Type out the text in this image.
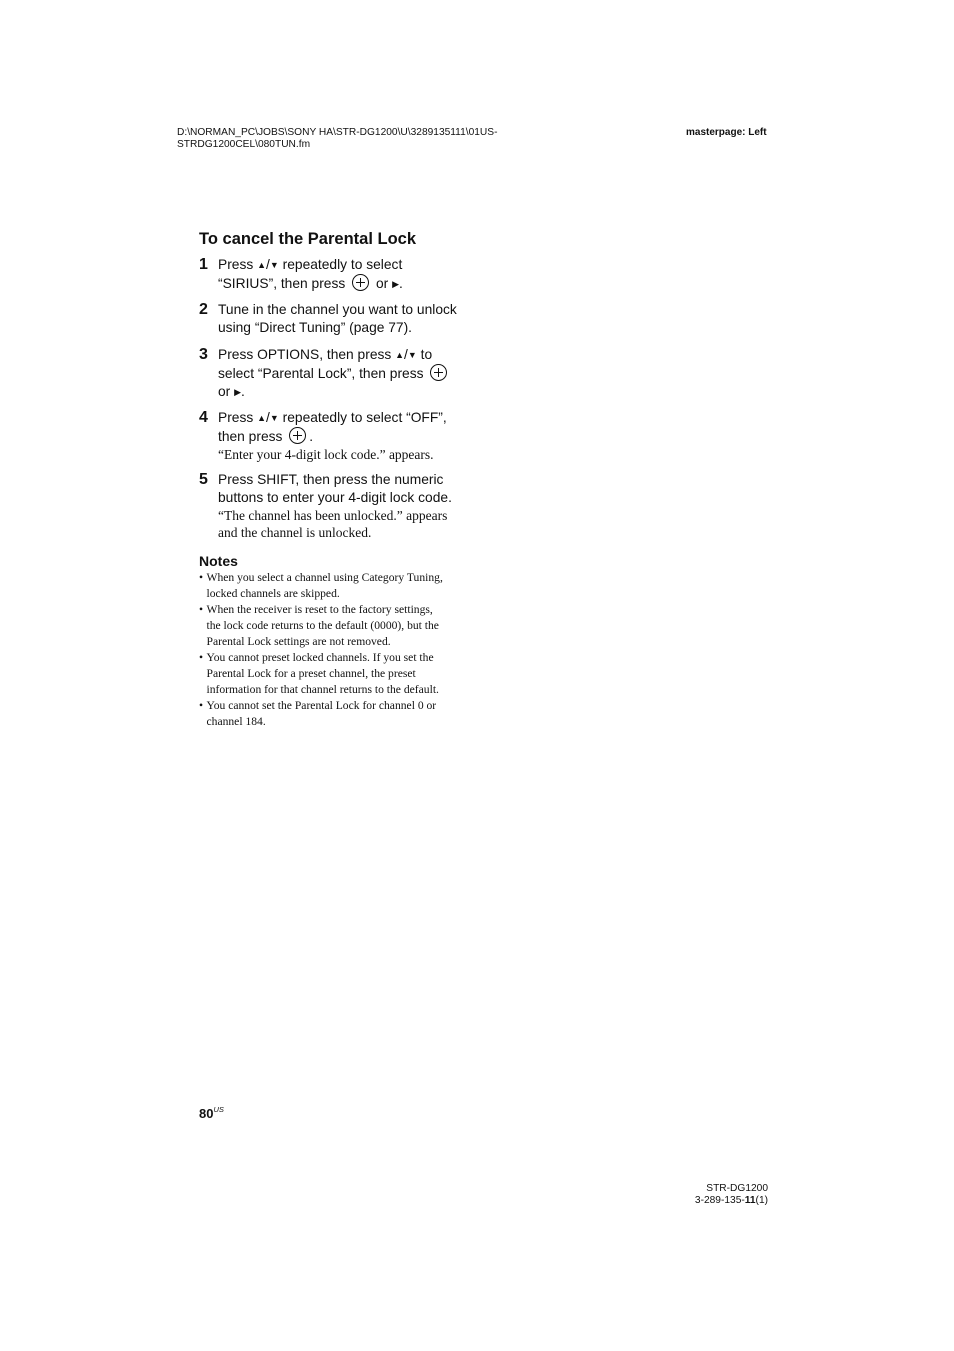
D:\NORMAN_PC\JOBS\SONY HA\STR-DG1200\U\3289135111\01US-
STRDG1200CEL\080TUN.fm
masterpage: Left
To cancel the Parental Lock
1 Press ▲/▼ repeatedly to select
“SIRIUS”, then press  or ▶.
2 Tune in the channel you want to unlock
using “Direct Tuning” (page 77).
3 Press OPTIONS, then press ▲/▼ to
select “Parental Lock”, then press
or ▶.
4 Press ▲/▼ repeatedly to select “OFF”,
then press .
“Enter your 4-digit lock code.” appears.
5 Press SHIFT, then press the numeric
buttons to enter your 4-digit lock code.
“The channel has been unlocked.” appears
and the channel is unlocked.
Notes
• When you select a channel using Category Tuning,
locked channels are skipped.
• When the receiver is reset to the factory settings,
the lock code returns to the default (0000), but the
Parental Lock settings are not removed.
• You cannot preset locked channels. If you set the
Parental Lock for a preset channel, the preset
information for that channel returns to the default.
• You cannot set the Parental Lock for channel 0 or
channel 184.
$80^{US}$
STR-DG1200
3-289-135-11(1)
